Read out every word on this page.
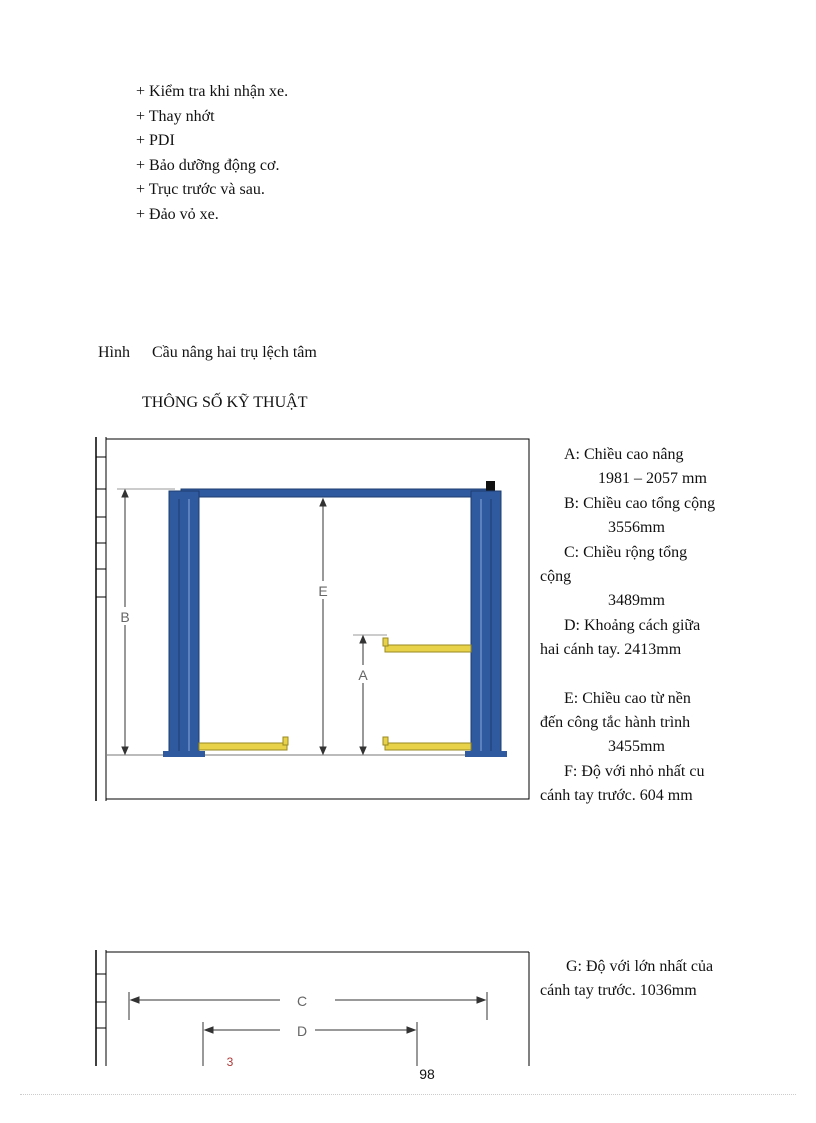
+ Kiểm tra khi nhận xe.
+ Thay nhớt
+ PDI
+ Bảo dưỡng động cơ.
+ Trục trước và sau.
+ Đảo vỏ xe.
Hình Cầu nâng hai trụ lệch tâm
THÔNG SỐ KỸ THUẬT
B
E
A
A: Chiều cao nâng
1981 – 2057 mm
B: Chiều cao tổng cộng
3556mm
C: Chiều rộng tổng
cộng
3489mm
D: Khoảng cách giữa
hai cánh tay. 2413mm
E: Chiều cao từ nền
đến công tắc hành trình
3455mm
F: Độ với nhỏ nhất cu
cánh tay trước. 604 mm
C
D
3
G: Độ với lớn nhất của
cánh tay trước. 1036mm
98
